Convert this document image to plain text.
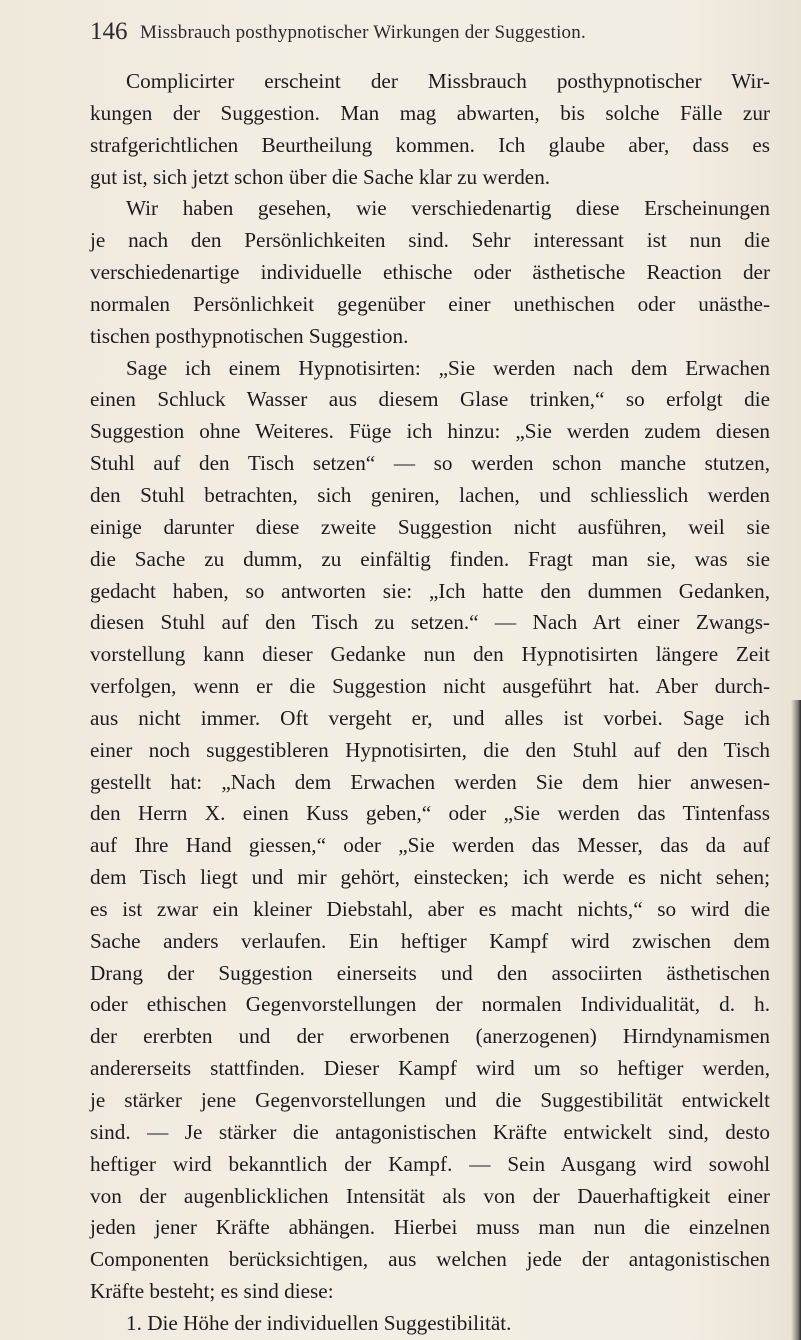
146 Missbrauch posthypnotischer Wirkungen der Suggestion.
Complicirter erscheint der Missbrauch posthypnotischer Wir-
kungen der Suggestion. Man mag abwarten, bis solche Fälle zur
strafgerichtlichen Beurtheilung kommen. Ich glaube aber, dass es
gut ist, sich jetzt schon über die Sache klar zu werden.
Wir haben gesehen, wie verschiedenartig diese Erscheinungen
je nach den Persönlichkeiten sind. Sehr interessant ist nun die
verschiedenartige individuelle ethische oder ästhetische Reaction der
normalen Persönlichkeit gegenüber einer unethischen oder unästhe-
tischen posthypnotischen Suggestion.
Sage ich einem Hypnotisirten: „Sie werden nach dem Erwachen
einen Schluck Wasser aus diesem Glase trinken,“ so erfolgt die
Suggestion ohne Weiteres. Füge ich hinzu: „Sie werden zudem diesen
Stuhl auf den Tisch setzen“ — so werden schon manche stutzen,
den Stuhl betrachten, sich geniren, lachen, und schliesslich werden
einige darunter diese zweite Suggestion nicht ausführen, weil sie
die Sache zu dumm, zu einfältig finden. Fragt man sie, was sie
gedacht haben, so antworten sie: „Ich hatte den dummen Gedanken,
diesen Stuhl auf den Tisch zu setzen.“ — Nach Art einer Zwangs-
vorstellung kann dieser Gedanke nun den Hypnotisirten längere Zeit
verfolgen, wenn er die Suggestion nicht ausgeführt hat. Aber durch-
aus nicht immer. Oft vergeht er, und alles ist vorbei. Sage ich
einer noch suggestibleren Hypnotisirten, die den Stuhl auf den Tisch
gestellt hat: „Nach dem Erwachen werden Sie dem hier anwesen-
den Herrn X. einen Kuss geben,“ oder „Sie werden das Tintenfass
auf Ihre Hand giessen,“ oder „Sie werden das Messer, das da auf
dem Tisch liegt und mir gehört, einstecken; ich werde es nicht sehen;
es ist zwar ein kleiner Diebstahl, aber es macht nichts,“ so wird die
Sache anders verlaufen. Ein heftiger Kampf wird zwischen dem
Drang der Suggestion einerseits und den associirten ästhetischen
oder ethischen Gegenvorstellungen der normalen Individualität, d. h.
der ererbten und der erworbenen (anerzogenen) Hirndynamismen
andererseits stattfinden. Dieser Kampf wird um so heftiger werden,
je stärker jene Gegenvorstellungen und die Suggestibilität entwickelt
sind. — Je stärker die antagonistischen Kräfte entwickelt sind, desto
heftiger wird bekanntlich der Kampf. — Sein Ausgang wird sowohl
von der augenblicklichen Intensität als von der Dauerhaftigkeit einer
jeden jener Kräfte abhängen. Hierbei muss man nun die einzelnen
Componenten berücksichtigen, aus welchen jede der antagonistischen
Kräfte besteht; es sind diese:
1. Die Höhe der individuellen Suggestibilität.
